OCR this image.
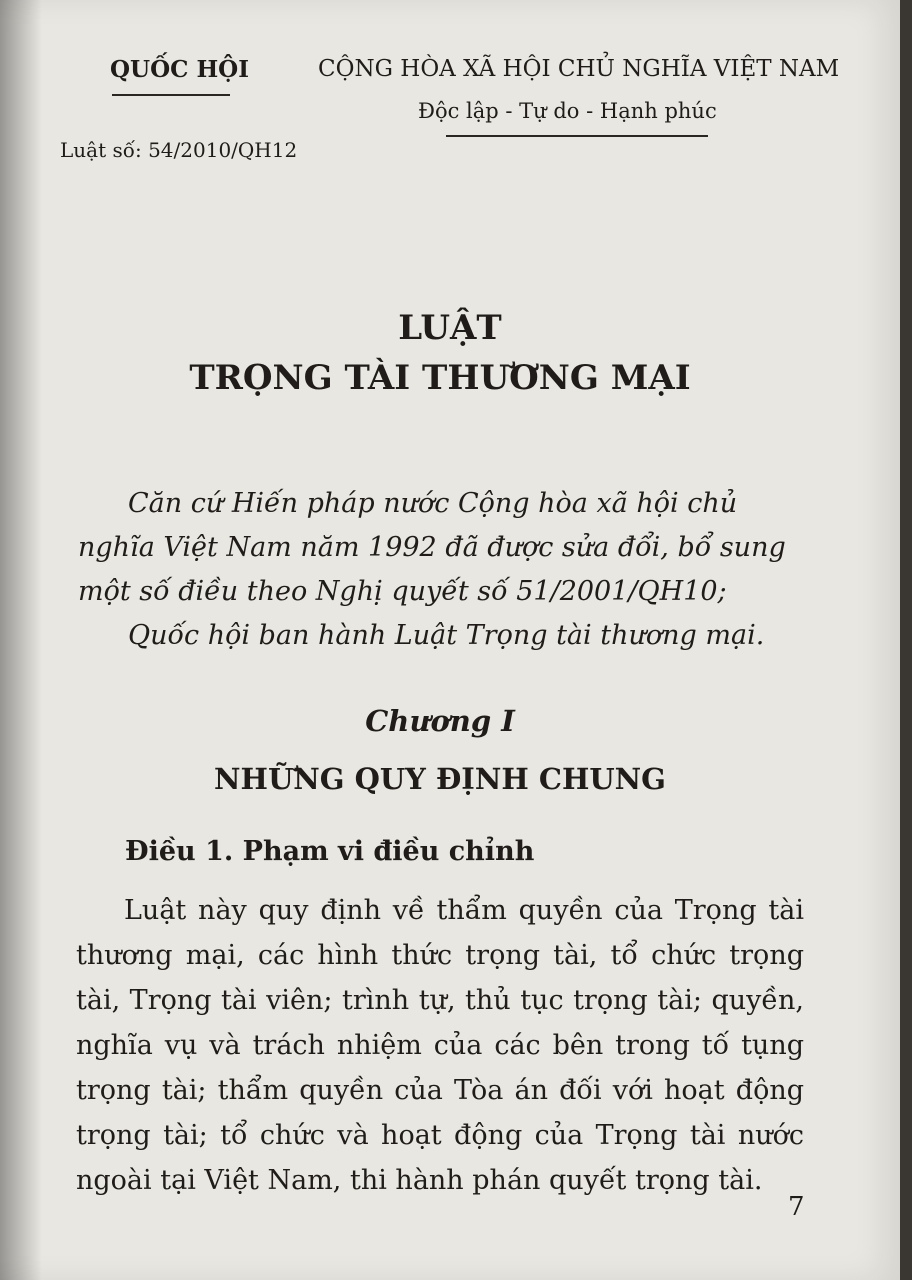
QUỐC HỘI	CỘNG HÒA XÃ HỘI CHỦ NGHĨA VIỆT NAM
Độc lập - Tự do - Hạnh phúc
Luật số: 54/2010/QH12
LUẬT
TRỌNG TÀI THƯƠNG MẠI
Căn cứ Hiến pháp nước Cộng hòa xã hội chủ nghĩa Việt Nam năm 1992 đã được sửa đổi, bổ sung một số điều theo Nghị quyết số 51/2001/QH10;
Quốc hội ban hành Luật Trọng tài thương mại.
Chương I
NHỮNG QUY ĐỊNH CHUNG
Điều 1. Phạm vi điều chỉnh

Luật này quy định về thẩm quyền của Trọng tài thương mại, các hình thức trọng tài, tổ chức trọng tài, Trọng tài viên; trình tự, thủ tục trọng tài; quyền, nghĩa vụ và trách nhiệm của các bên trong tố tụng trọng tài; thẩm quyền của Tòa án đối với hoạt động trọng tài; tổ chức và hoạt động của Trọng tài nước ngoài tại Việt Nam, thi hành phán quyết trọng tài.

7
